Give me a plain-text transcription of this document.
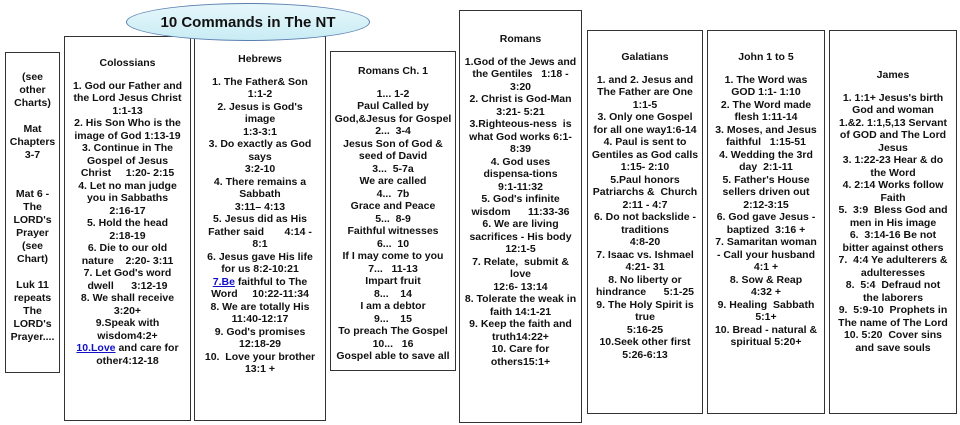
10 Commands in The NT
(see
other
Charts)

Mat
Chapters
3-7

Mat 6 -
The
LORD's
Prayer
(see
Chart)

Luk 11
repeats
The
LORD's
Prayer....
Colossians
1. God our Father and
the Lord Jesus Christ
1:1-13
2. His Son Who is the
image of God 1:13-19
3. Continue in The
Gospel of Jesus
Christ     1:20- 2:15
4. Let no man judge
you in Sabbaths
2:16-17
5. Hold the head
2:18-19
6. Die to our old
nature    2:20- 3:11
7. Let God's word
dwell      3:12-19
8. We shall receive
3:20+
9.Speak with
wisdom4:2+
10.Love and care for
other4:12-18
Hebrews
1. The Father& Son
1:1-2
2. Jesus is God's
image
1:3-3:1
3. Do exactly as God
says
3:2-10
4. There remains a
Sabbath
3:11– 4:13
5. Jesus did as His
Father said       4:14 -
8:1
6. Jesus gave His life
for us 8:2-10:21
7.Be faithful to The
Word     10:22-11:34
8. We are totally His
11:40-12:17
9. God's promises
12:18-29
10.  Love your brother
13:1 +
Romans Ch. 1
1... 1-2
Paul Called by
God,&Jesus for Gospel
2...  3-4
Jesus Son of God &
seed of David
3...  5-7a
We are called
4...  7b
Grace and Peace
5...  8-9
Faithful witnesses
6...  10
If I may come to you
7...   11-13
Impart fruit
8...    14
I am a debtor
9...    15
To preach The Gospel
10...   16
Gospel able to save all
Romans
1.God of the Jews and
the Gentiles   1:18 -
3:20
2. Christ is God-Man
3:21- 5:21
3.Righteous-ness  is
what God works 6:1-
8:39
4. God uses
dispensa-tions
9:1-11:32
5. God's infinite
wisdom      11:33-36
6. We are living
sacrifices - His body
12:1-5
7. Relate,  submit &
love
12:6- 13:14
8. Tolerate the weak in
faith 14:1-21
9. Keep the faith and
truth14:22+
10. Care for
others15:1+
Galatians
1. and 2. Jesus and
The Father are One
1:1-5
3. Only one Gospel
for all one way1:6-14
4. Paul is sent to
Gentiles as God calls
1:15- 2:10
5.Paul honors
Patriarchs &  Church
2:11 - 4:7
6. Do not backslide -
traditions
4:8-20
7. Isaac vs. Ishmael
4:21- 31
8. No liberty or
hindrance      5:1-25
9. The Holy Spirit is
true
5:16-25
10.Seek other first
5:26-6:13
John 1 to 5
1. The Word was
GOD 1:1- 1:10
2. The Word made
flesh 1:11-14
3. Moses, and Jesus
faithful   1:15-51
4. Wedding the 3rd
day  2:1-11
5. Father's House
sellers driven out
2:12-3:15
6. God gave Jesus -
baptized  3:16 +
7. Samaritan woman
- Call your husband
4:1 +
8. Sow & Reap
4:32 +
9. Healing  Sabbath
5:1+
10. Bread - natural &
spiritual 5:20+
James
1. 1:1+ Jesus's birth
God and woman
1.&2. 1:1,5,13 Servant
of GOD and The Lord
Jesus
3. 1:22-23 Hear & do
the Word
4. 2:14 Works follow
Faith
5.  3:9  Bless God and
men in His image
6.  3:14-16 Be not
bitter against others
7.  4:4 Ye adulterers &
adulteresses
8.  5:4  Defraud not
the laborers
9.  5:9-10  Prophets in
The name of The Lord
10. 5:20  Cover sins
and save souls
